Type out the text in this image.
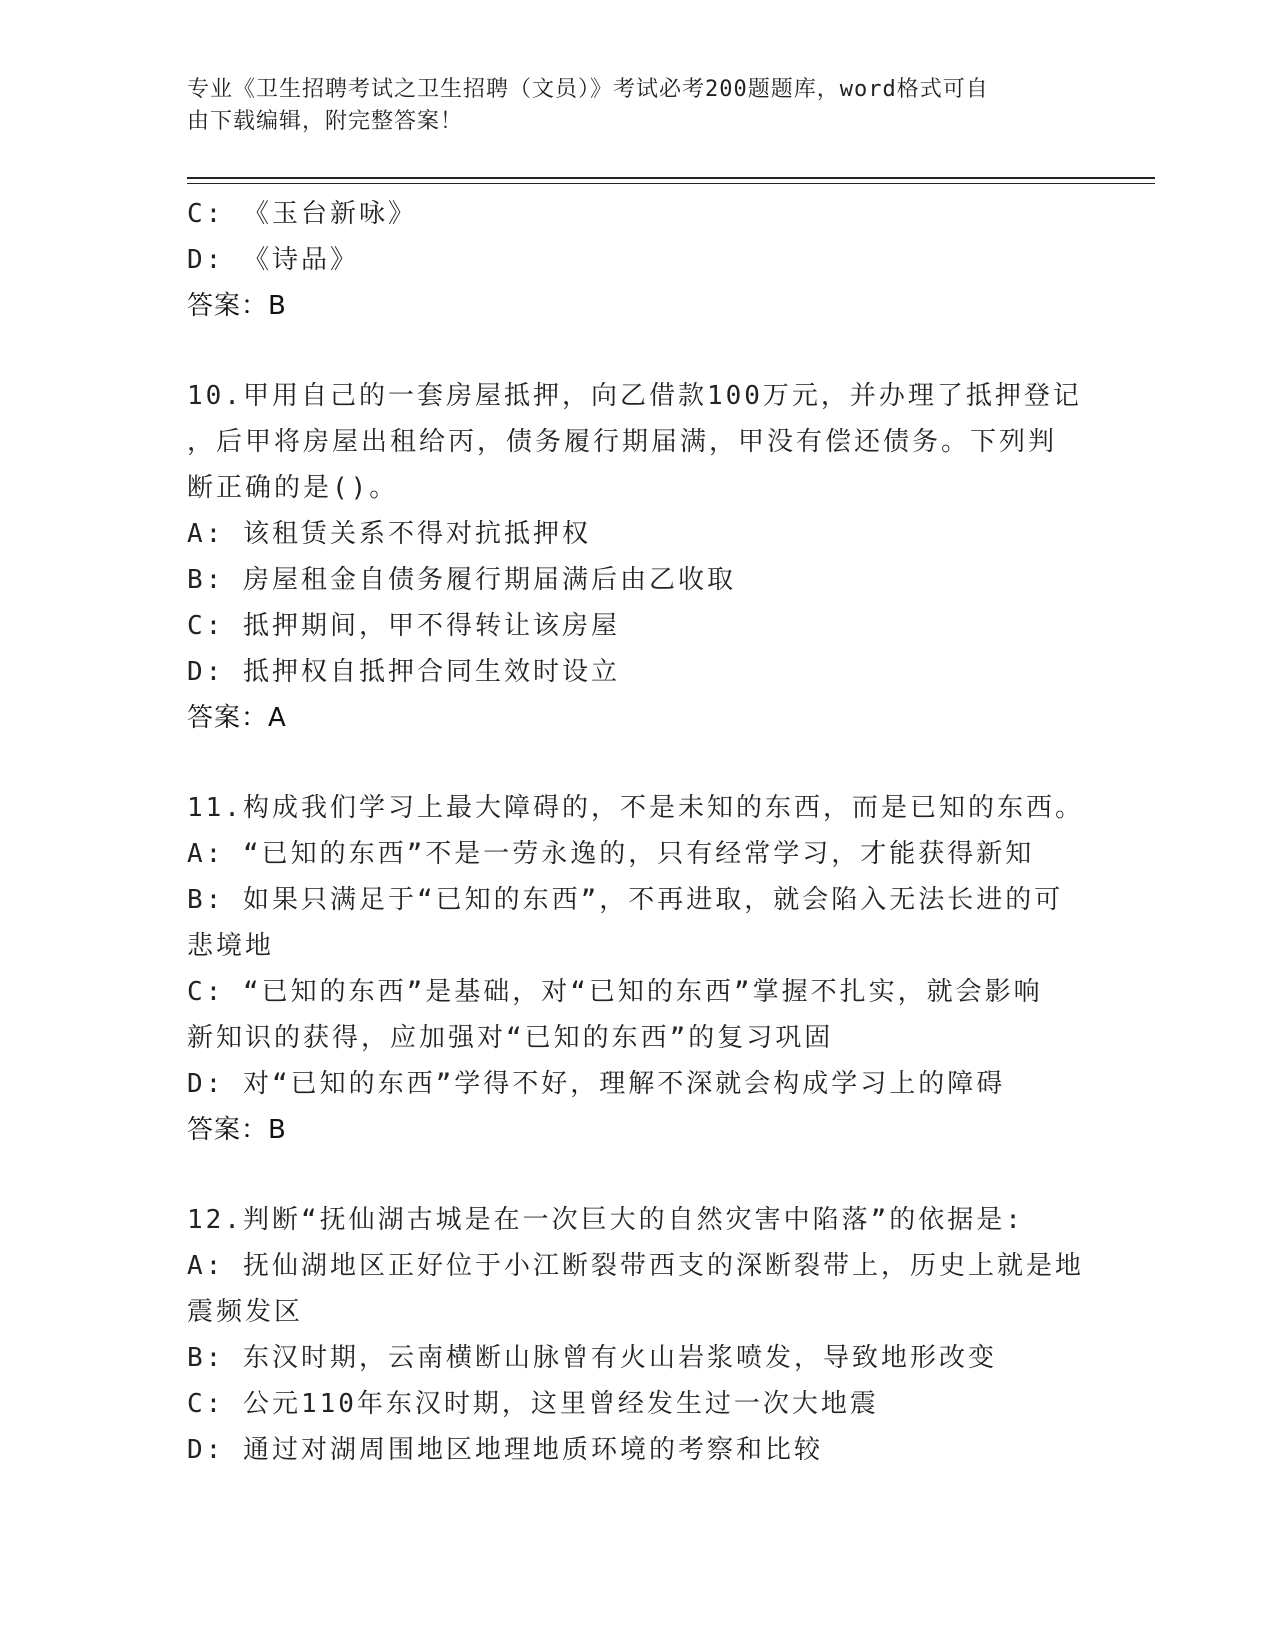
专业《卫生招聘考试之卫生招聘（文员）》考试必考200题题库，word格式可自
由下载编辑，附完整答案！
C: 《玉台新咏》
D: 《诗品》
答案：B
10.甲用自己的一套房屋抵押，向乙借款100万元，并办理了抵押登记
，后甲将房屋出租给丙，债务履行期届满，甲没有偿还债务。下列判
断正确的是()。
A: 该租赁关系不得对抗抵押权
B: 房屋租金自债务履行期届满后由乙收取
C: 抵押期间，甲不得转让该房屋
D: 抵押权自抵押合同生效时设立
答案：A
11.构成我们学习上最大障碍的，不是未知的东西，而是已知的东西。
A: “已知的东西”不是一劳永逸的，只有经常学习，才能获得新知
B: 如果只满足于“已知的东西”，不再进取，就会陷入无法长进的可
悲境地
C: “已知的东西”是基础，对“已知的东西”掌握不扎实，就会影响
新知识的获得，应加强对“已知的东西”的复习巩固
D: 对“已知的东西”学得不好，理解不深就会构成学习上的障碍
答案：B
12.判断“抚仙湖古城是在一次巨大的自然灾害中陷落”的依据是:
A: 抚仙湖地区正好位于小江断裂带西支的深断裂带上，历史上就是地
震频发区
B: 东汉时期，云南横断山脉曾有火山岩浆喷发，导致地形改变
C: 公元110年东汉时期，这里曾经发生过一次大地震
D: 通过对湖周围地区地理地质环境的考察和比较
